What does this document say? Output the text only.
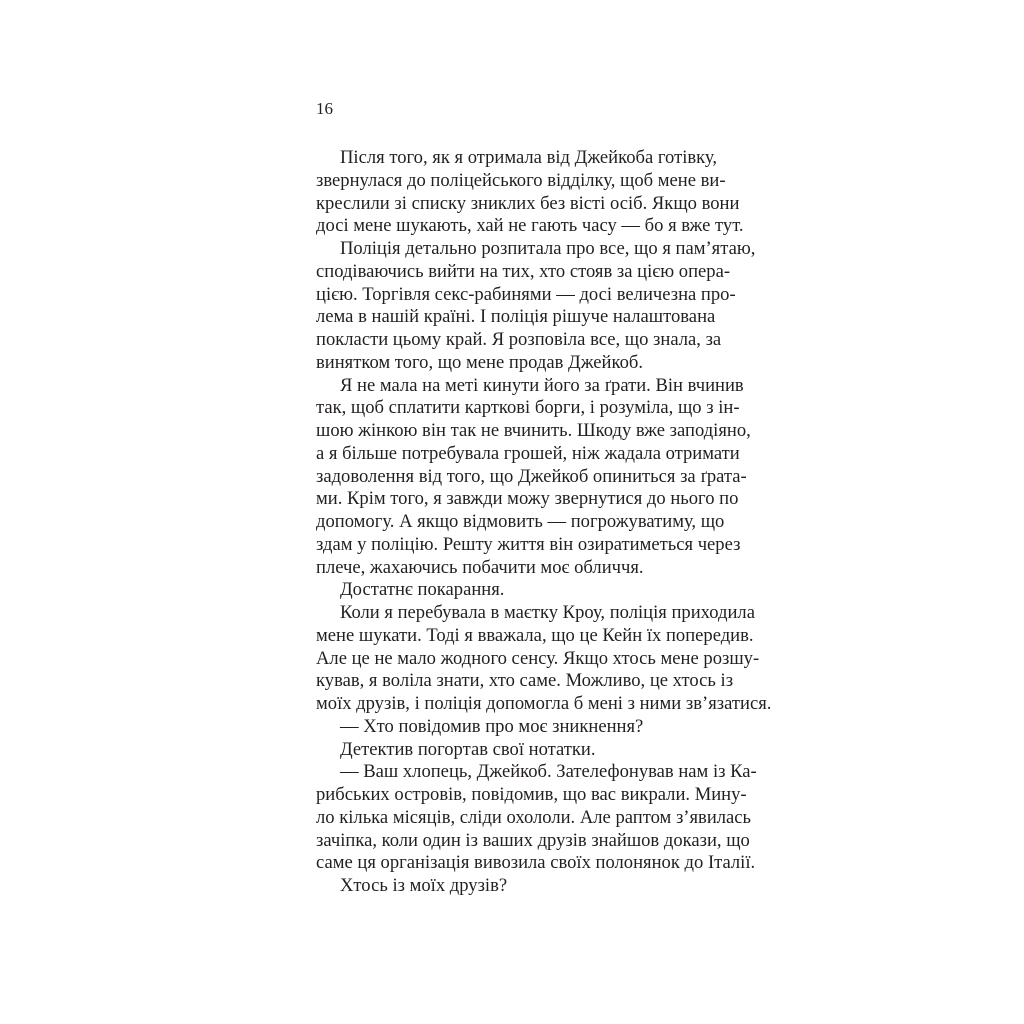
16
Після того, як я отримала від Джейкоба готівку,
звернулася до поліцейського відділку, щоб мене ви-
креслили зі списку зниклих без вісті осіб. Якщо вони
досі мене шукають, хай не гають часу — бо я вже тут.
Поліція детально розпитала про все, що я пам’ятаю,
сподіваючись вийти на тих, хто стояв за цією опера-
цією. Торгівля секс-рабинями — досі величезна про-
лема в нашій країні. І поліція рішуче налаштована
покласти цьому край. Я розповіла все, що знала, за
винятком того, що мене продав Джейкоб.
Я не мала на меті кинути його за ґрати. Він вчинив
так, щоб сплатити карткові борги, і розуміла, що з ін-
шою жінкою він так не вчинить. Шкоду вже заподіяно,
а я більше потребувала грошей, ніж жадала отримати
задоволення від того, що Джейкоб опиниться за ґрата-
ми. Крім того, я завжди можу звернутися до нього по
допомогу. А якщо відмовить — погрожуватиму, що
здам у поліцію. Решту життя він озиратиметься через
плече, жахаючись побачити моє обличчя.
Достатнє покарання.
Коли я перебувала в маєтку Кроу, поліція приходила
мене шукати. Тоді я вважала, що це Кейн їх попередив.
Але це не мало жодного сенсу. Якщо хтось мене розшу-
кував, я воліла знати, хто саме. Можливо, це хтось із
моїх друзів, і поліція допомогла б мені з ними зв’язатися.
— Хто повідомив про моє зникнення?
Детектив погортав свої нотатки.
— Ваш хлопець, Джейкоб. Зателефонував нам із Ка-
рибських островів, повідомив, що вас викрали. Мину-
ло кілька місяців, сліди охололи. Але раптом з’явилась
зачіпка, коли один із ваших друзів знайшов докази, що
саме ця організація вивозила своїх полонянок до Італії.
Хтось із моїх друзів?
